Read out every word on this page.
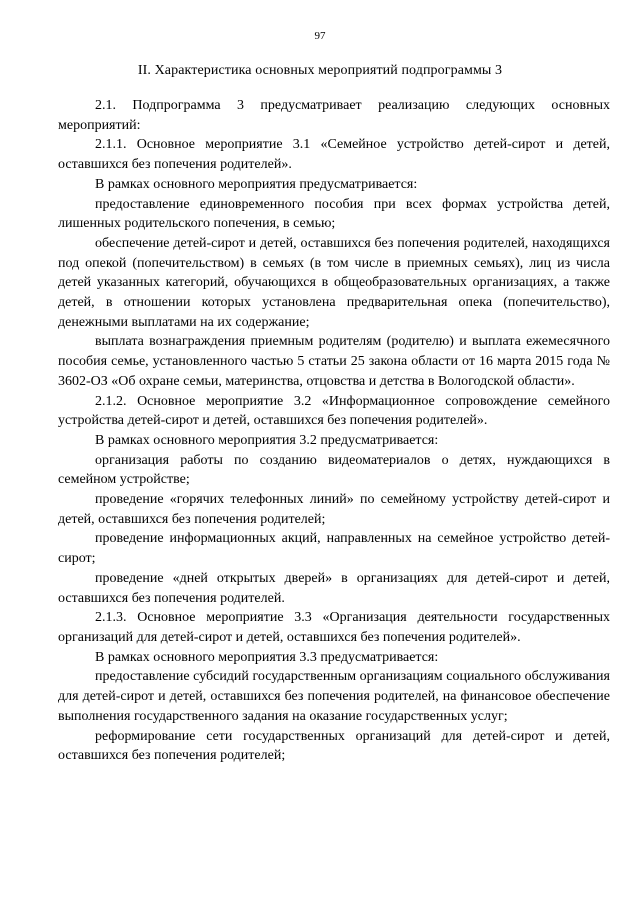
97
II. Характеристика основных мероприятий подпрограммы 3

2.1. Подпрограмма 3 предусматривает реализацию следующих основных мероприятий:

2.1.1. Основное мероприятие 3.1 «Семейное устройство детей-сирот и детей, оставшихся без попечения родителей».

В рамках основного мероприятия предусматривается:

предоставление единовременного пособия при всех формах устройства детей, лишенных родительского попечения, в семью;

обеспечение детей-сирот и детей, оставшихся без попечения родителей, находящихся под опекой (попечительством) в семьях (в том числе в приемных семьях), лиц из числа детей указанных категорий, обучающихся в общеобразовательных организациях, а также детей, в отношении которых установлена предварительная опека (попечительство), денежными выплатами на их содержание;

выплата вознаграждения приемным родителям (родителю) и выплата ежемесячного пособия семье, установленного частью 5 статьи 25 закона области от 16 марта 2015 года № 3602-ОЗ «Об охране семьи, материнства, отцовства и детства в Вологодской области».

2.1.2. Основное мероприятие 3.2 «Информационное сопровождение семейного устройства детей-сирот и детей, оставшихся без попечения родителей».

В рамках основного мероприятия 3.2 предусматривается:

организация работы по созданию видеоматериалов о детях, нуждающихся в семейном устройстве;

проведение «горячих телефонных линий» по семейному устройству детей-сирот и детей, оставшихся без попечения родителей;

проведение информационных акций, направленных на семейное устройство детей-сирот;

проведение «дней открытых дверей» в организациях для детей-сирот и детей, оставшихся без попечения родителей.

2.1.3. Основное мероприятие 3.3 «Организация деятельности государственных организаций для детей-сирот и детей, оставшихся без попечения родителей».

В рамках основного мероприятия 3.3 предусматривается:

предоставление субсидий государственным организациям социального обслуживания для детей-сирот и детей, оставшихся без попечения родителей, на финансовое обеспечение выполнения государственного задания на оказание государственных услуг;

реформирование сети государственных организаций для детей-сирот и детей, оставшихся без попечения родителей;
